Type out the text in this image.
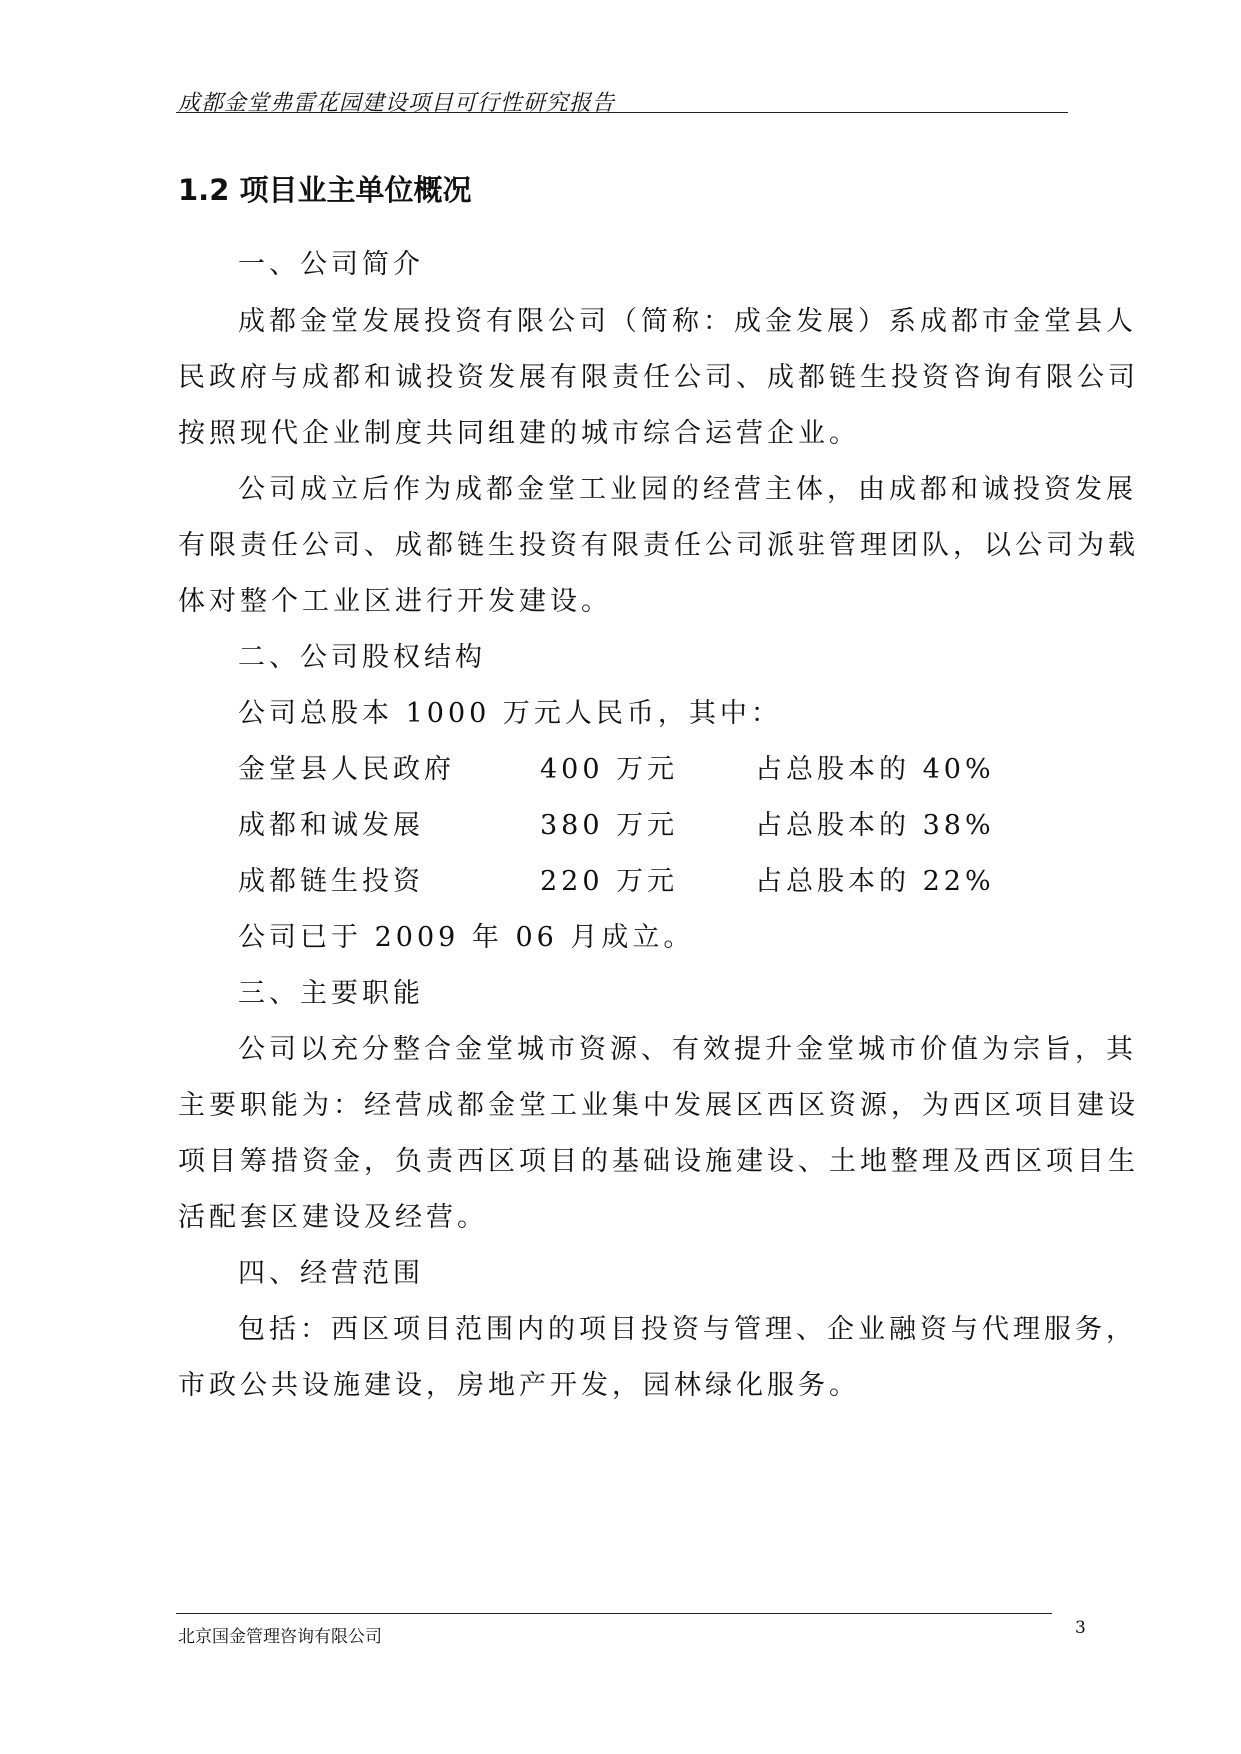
成都金堂弗雷花园建设项目可行性研究报告
1.2 项目业主单位概况
一、公司简介
成都金堂发展投资有限公司（简称：成金发展）系成都市金堂县人
民政府与成都和诚投资发展有限责任公司、成都链生投资咨询有限公司
按照现代企业制度共同组建的城市综合运营企业。
公司成立后作为成都金堂工业园的经营主体，由成都和诚投资发展
有限责任公司、成都链生投资有限责任公司派驻管理团队，以公司为载
体对整个工业区进行开发建设。
二、公司股权结构
公司总股本 1000 万元人民币，其中：
金堂县人民政府	400 万元	占总股本的 40%
成都和诚发展	380 万元	占总股本的 38%
成都链生投资	220 万元	占总股本的 22%
公司已于 2009 年 06 月成立。
三、主要职能
公司以充分整合金堂城市资源、有效提升金堂城市价值为宗旨，其
主要职能为：经营成都金堂工业集中发展区西区资源，为西区项目建设
项目筹措资金，负责西区项目的基础设施建设、土地整理及西区项目生
活配套区建设及经营。
四、经营范围
包括：西区项目范围内的项目投资与管理、企业融资与代理服务，
市政公共设施建设，房地产开发，园林绿化服务。
北京国金管理咨询有限公司	3
